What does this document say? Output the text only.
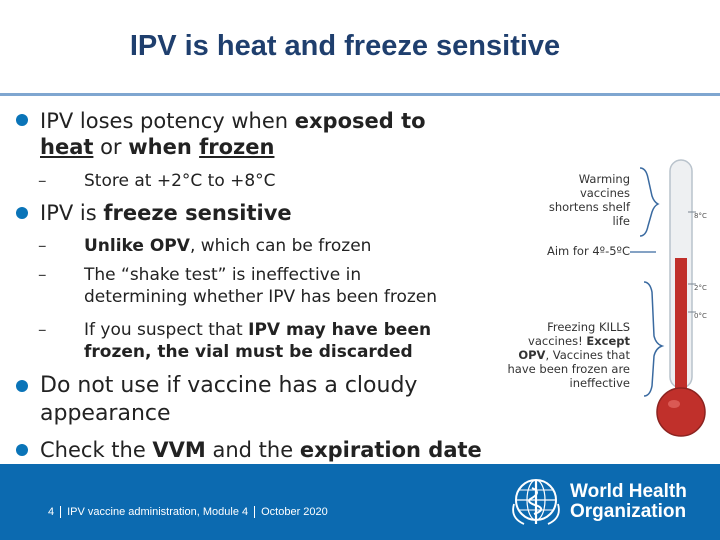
IPV is heat and freeze sensitive
IPV loses potency when exposed to
heat or when frozen
– Store at +2°C to +8°C
IPV is freeze sensitive
– Unlike OPV, which can be frozen
– The “shake test” is ineffective in
determining whether IPV has been frozen
– If you suspect that IPV may have been
frozen, the vial must be discarded
Do not use if vaccine has a cloudy
appearance
Check the VVM and the expiration date

Warming
vaccines
shortens shelf
life
Aim for 4º-5ºC
Freezing KILLS
vaccines! Except
OPV, Vaccines that
have been frozen are
ineffective
8°C
2°C
0°C
4 IPV vaccine administration, Module 4 October 2020
World Health
Organization
